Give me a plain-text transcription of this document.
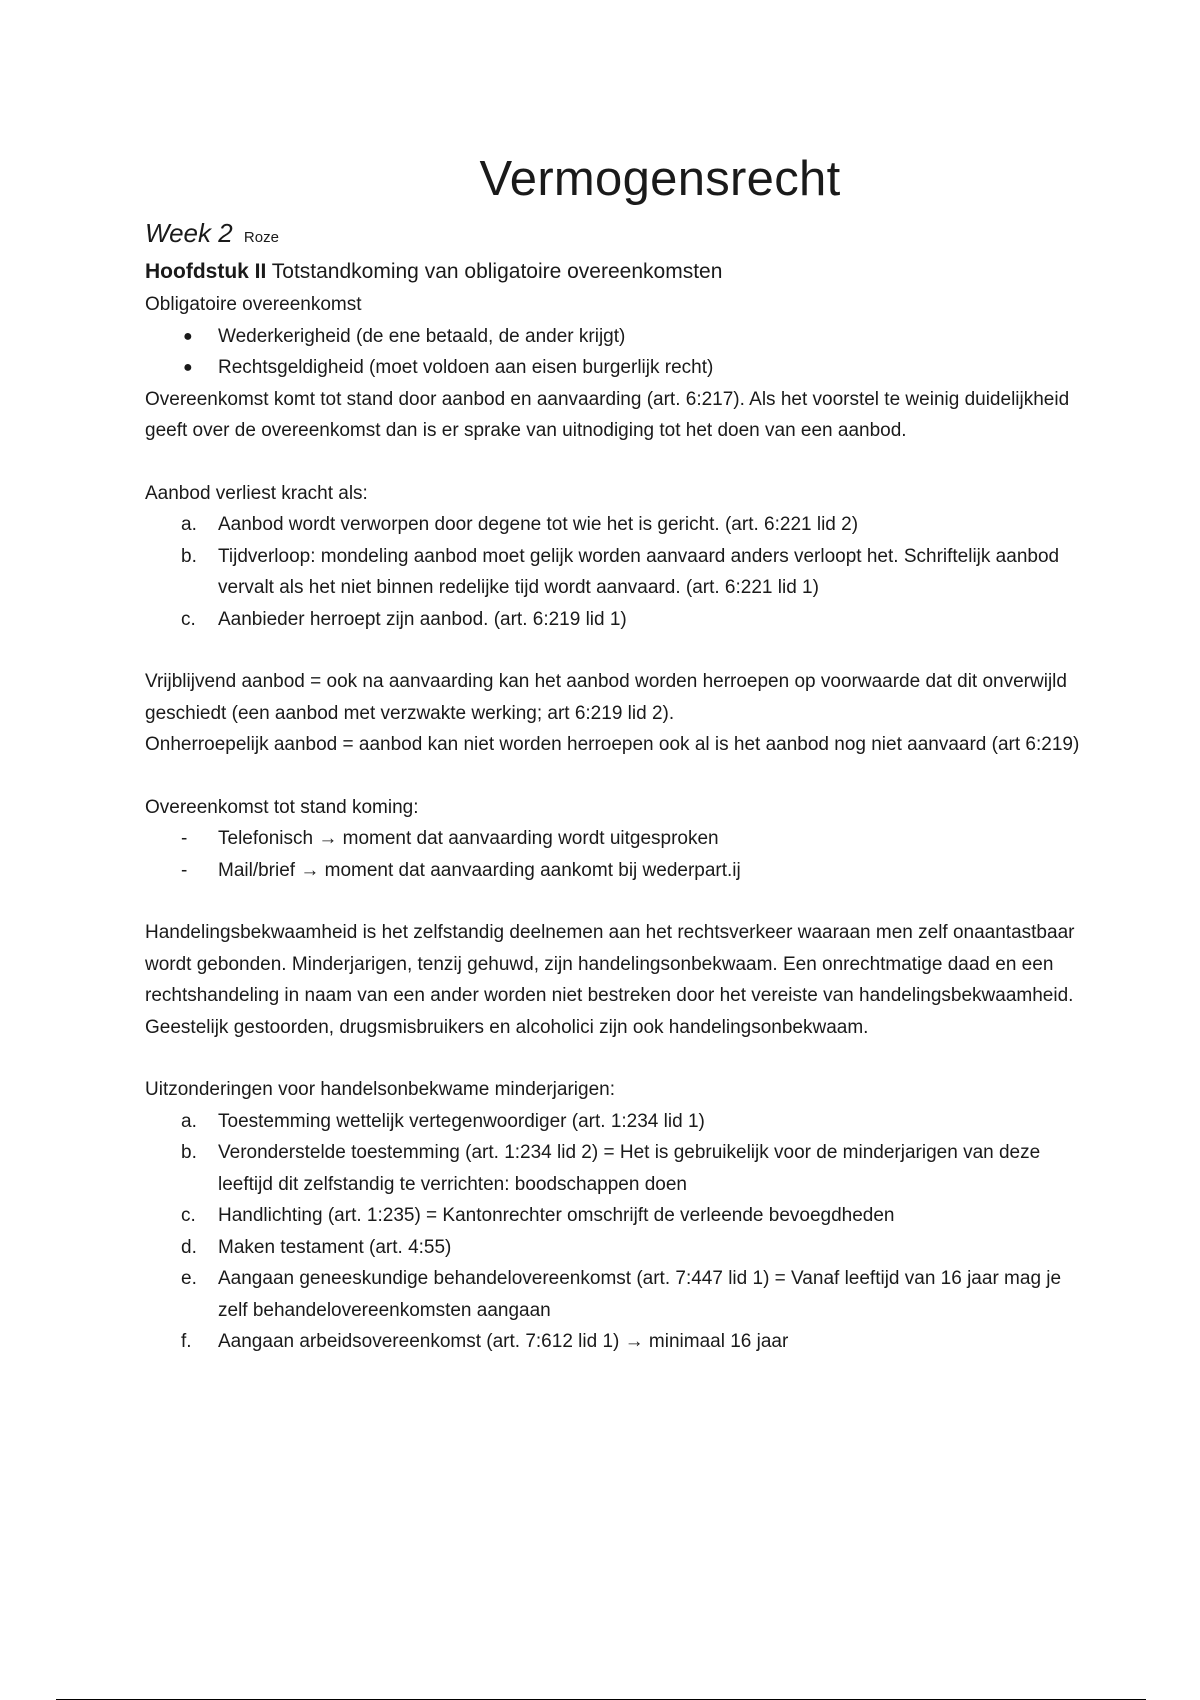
Vermogensrecht
Week 2 Roze
Hoofdstuk II Totstandkoming van obligatoire overeenkomsten

Obligatoire overeenkomst

●	Wederkerigheid (de ene betaald, de ander krijgt)
●	Rechtsgeldigheid (moet voldoen aan eisen burgerlijk recht)

Overeenkomst komt tot stand door aanbod en aanvaarding (art. 6:217). Als het voorstel te weinig duidelijkheid geeft over de overeenkomst dan is er sprake van uitnodiging tot het doen van een aanbod.

Aanbod verliest kracht als:

a.	Aanbod wordt verworpen door degene tot wie het is gericht. (art. 6:221 lid 2)
b.	Tijdverloop: mondeling aanbod moet gelijk worden aanvaard anders verloopt het. Schriftelijk aanbod vervalt als het niet binnen redelijke tijd wordt aanvaard. (art. 6:221 lid 1)
c.	Aanbieder herroept zijn aanbod. (art. 6:219 lid 1)

Vrijblijvend aanbod = ook na aanvaarding kan het aanbod worden herroepen op voorwaarde dat dit onverwijld geschiedt (een aanbod met verzwakte werking; art 6:219 lid 2).

Onherroepelijk aanbod = aanbod kan niet worden herroepen ook al is het aanbod nog niet aanvaard (art 6:219)

Overeenkomst tot stand koming:

-	Telefonisch → moment dat aanvaarding wordt uitgesproken
-	Mail/brief → moment dat aanvaarding aankomt bij wederpart.ij

Handelingsbekwaamheid is het zelfstandig deelnemen aan het rechtsverkeer waaraan men zelf onaantastbaar wordt gebonden. Minderjarigen, tenzij gehuwd, zijn handelingsonbekwaam. Een onrechtmatige daad en een rechtshandeling in naam van een ander worden niet bestreken door het vereiste van handelingsbekwaamheid. Geestelijk gestoorden, drugsmisbruikers en alcoholici zijn ook handelingsonbekwaam.

Uitzonderingen voor handelsonbekwame minderjarigen:

a.	Toestemming wettelijk vertegenwoordiger (art. 1:234 lid 1)
b.	Veronderstelde toestemming (art. 1:234 lid 2) = Het is gebruikelijk voor de minderjarigen van deze leeftijd dit zelfstandig te verrichten: boodschappen doen
c.	Handlichting (art. 1:235) = Kantonrechter omschrijft de verleende bevoegdheden
d.	Maken testament (art. 4:55)
e.	Aangaan geneeskundige behandelovereenkomst (art. 7:447 lid 1) = Vanaf leeftijd van 16 jaar mag je zelf behandelovereenkomsten aangaan
f.	Aangaan arbeidsovereenkomst (art. 7:612 lid 1) → minimaal 16 jaar
